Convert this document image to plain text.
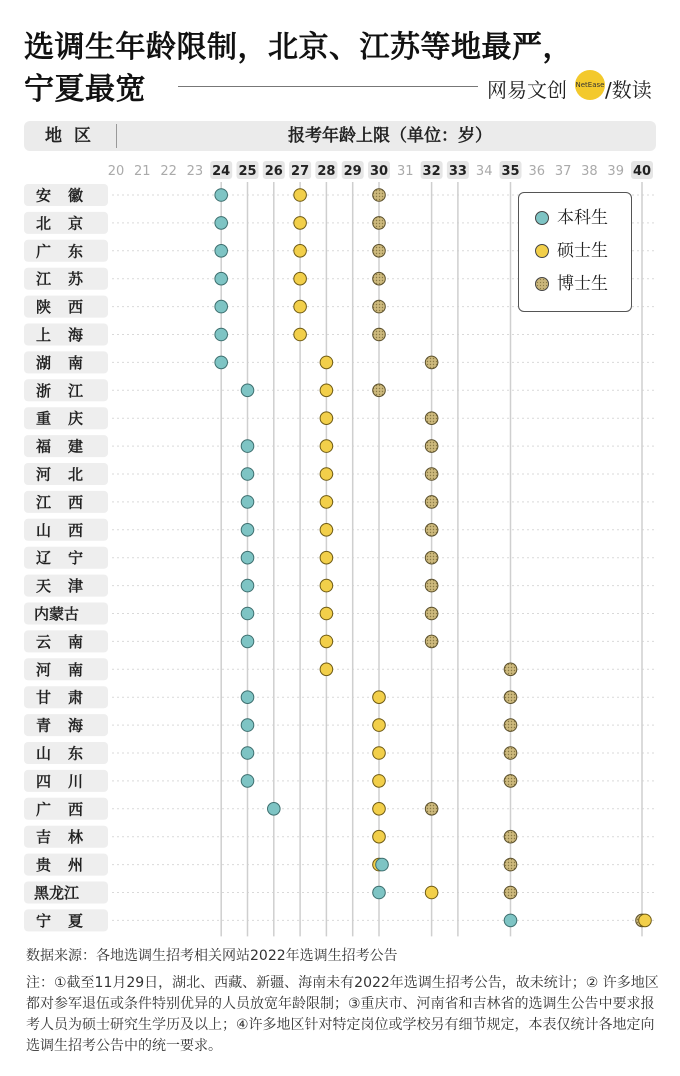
选调生年龄限制，北京、江苏等地最严，
宁夏最宽	网易文创 NetEase /数读
地区	报考年龄上限（单位：岁）
20 21 22 23 24 25 26 27 28 29 30 31 32 33 34 35 36 37 38 39 40
安徽
北京
广东
江苏
陕西
上海
湖南
浙江
重庆
福建
河北
江西
山西
辽宁
天津
内蒙古
云南
河南
甘肃
青海
山东
四川
广西
吉林
贵州
黑龙江
宁夏
本科生
硕士生
博士生

数据来源：各地选调生招考相关网站2022年选调生招考公告

注：①截至11月29日，湖北、西藏、新疆、海南未有2022年选调生招考公告，故未统计；② 许多地区都对参军退伍或条件特别优异的人员放宽年龄限制；③重庆市、河南省和吉林省的选调生公告中要求报考人员为硕士研究生学历及以上；④许多地区针对特定岗位或学校另有细节规定，本表仅统计各地定向选调生招考公告中的统一要求。
